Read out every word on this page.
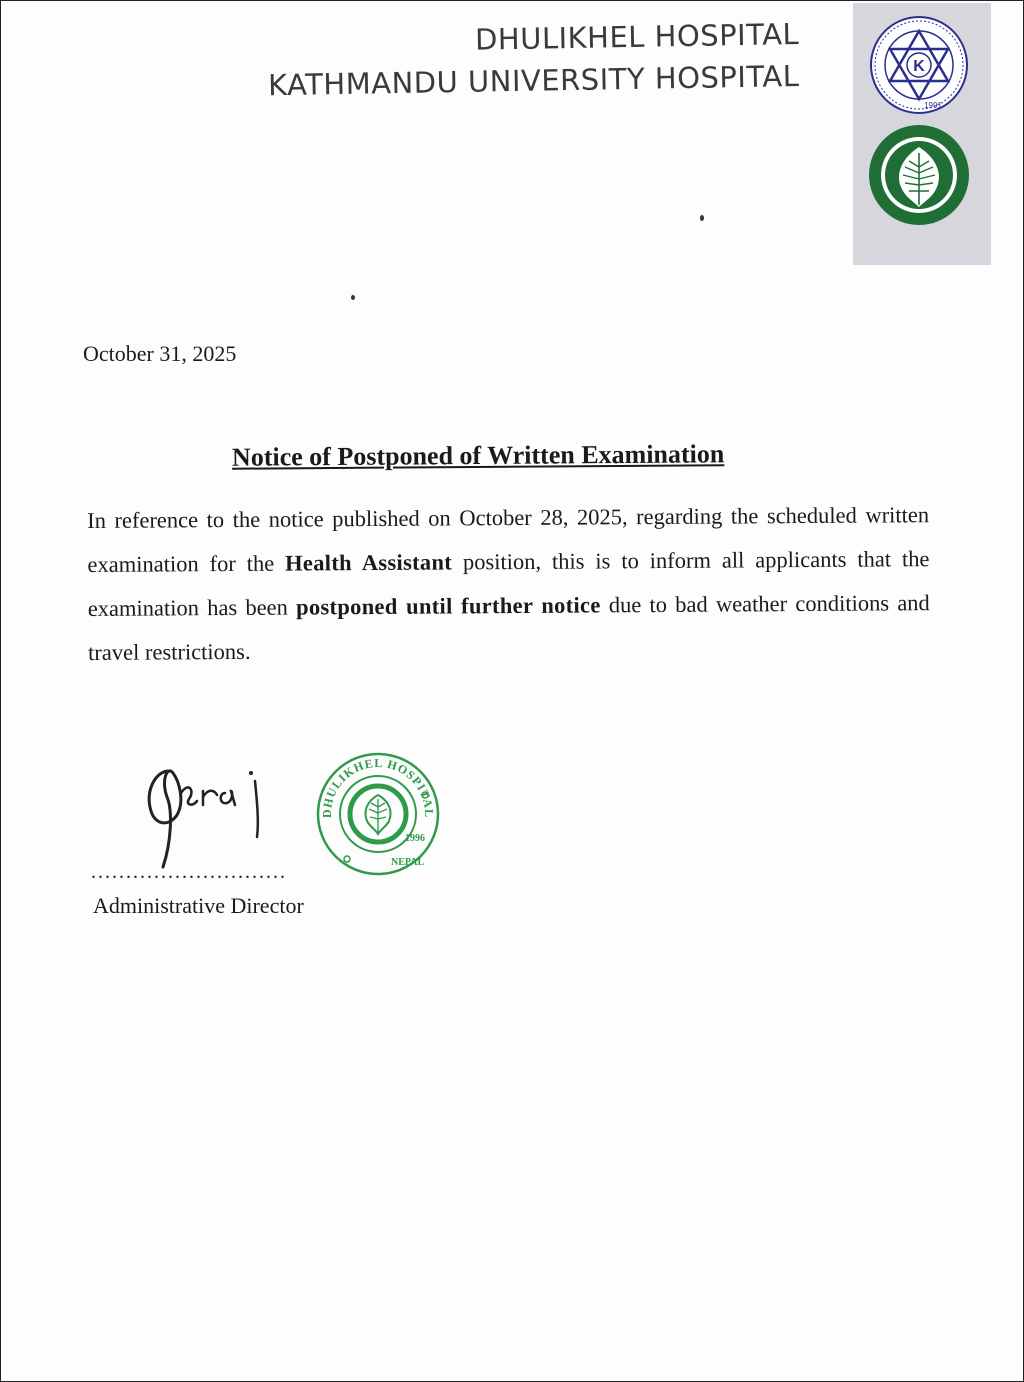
DHULIKHEL HOSPITAL
KATHMANDU UNIVERSITY HOSPITAL	K
1991
October 31, 2025
Notice of Postponed of Written Examination
In reference to the notice published on October 28, 2025, regarding the scheduled written examination for the Health Assistant position, this is to inform all applicants that the examination has been postponed until further notice due to bad weather conditions and travel restrictions.
DHULIKHEL HOSPITAL
1996
NEPAL
............................
Administrative Director
